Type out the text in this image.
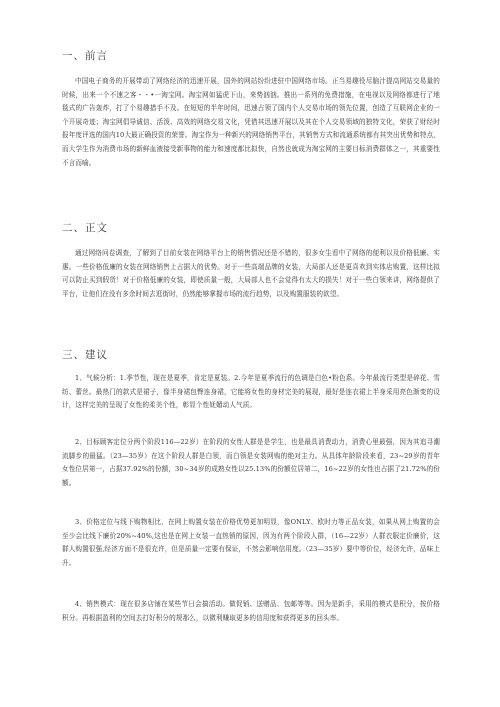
一、前言

中国电子商务的开展带动了网络经济的迅速开展，国外的网站纷纷进驻中国网络市场。正当易趣役尽脑汁提高网站交易量的时候，出来一个不速之客・・•一淘宝网。淘宝网如猛虎下山，来势汹汹。推出一系列的免费措施，在电视以及网络都进行了地毯式的广告轰炸，打了个易趣措手不及。在短短的半年时间，迅速占领了国内个人交易市场的领先位置，创造了互联网企业的一个开展奇迹；淘宝网倡导诚信、活泼、高效的网络交易文化，凭借其迅速开展以及其在个人交易领域的独特文化，荣获了财经时报年度评选的国内10大最正确投资的荣誉。淘宝作为一种新兴的网络销售平台，其销售方式和流通系统都有其突出优势和特点，而大学生作为消费市场的新鲜血液接受新事物的能力和速度都比拟快，自然也就成为淘宝网的主要目标消费群体之一，其重要性不言而喻。

二、正文

通过网络问卷调查，了解到了目前女装在网络平台上的销售情况还是不错的，很多女生看中了网络的便利以及价格低廉、实惠。一些价格低廉的女装在网络销售上占据大的优势。对于一些高端品牌的女装，大局部人还是更喜欢到实体店购置，这样比拟可以防止买到假货！对于价格低廉的女装，即使质量一般，大局部人也不会觉得有太大的损失！对于一些白领来讲，网络提供了平台，让他们在没有多余时间去逛街时，仍然能够掌握市场的流行趋势，以及购置服装的欲望。

三、建议

1、气候分析：1.季节性，现在是夏季，肯定是夏装。2.今年是夏季流行的色调是白色•粉色系。今年最流行类型是碎花、雪纺、蕾丝。最热门的款式是裙子，像半身裙包臀连身裙，它能将女性的身材完美的展现，最好是连衣裙上半身采用亮色渐变的设计，这样完美的呈现了女性的柔美个性，彰显个性妩媚动人气质。

2、目标顾客定位分两个阶段116—22岁）在阶段的女性人群是是学生，也是最具消费动力，消费心里最强，因为其追寻潮流脚步的最猛。（23—35岁）在这个阶段人群是白领，而白领是女装网购的绝对主力。从具体年龄阶段来看，23~29岁的青年女性位居第一，占据37.92%的份额，30~34岁的成熟女性以25.13%的份额位居第二，16~22岁的女性也占据了21.72%的份额。

3、价格定位与线下购物相比，在网上购置女装在价格优势更加明显，像ONLY、欧时力等正品女装，如果从网上购置的会至少会比线下廉价20%~40%,这也是在网上女装一直热销的原因，因为有两个阶段人群，（16—22岁）人群衣服定价廉价，这群人购置很强,经济方面不是很充许，但是质量一定要有保证，不然会影响信用度。（23—35岁）要中等价位，经济允许，品味上升。

4、销售模式：现在很多店铺在某些节日会搞活动。做促销、送赠品、包邮等等。因为是新手，采用的模式是积分，按价格积分。再根据盈利的空间去打好积分的规那么，以微利赚取更多的信用度和获得更多的回头率。
